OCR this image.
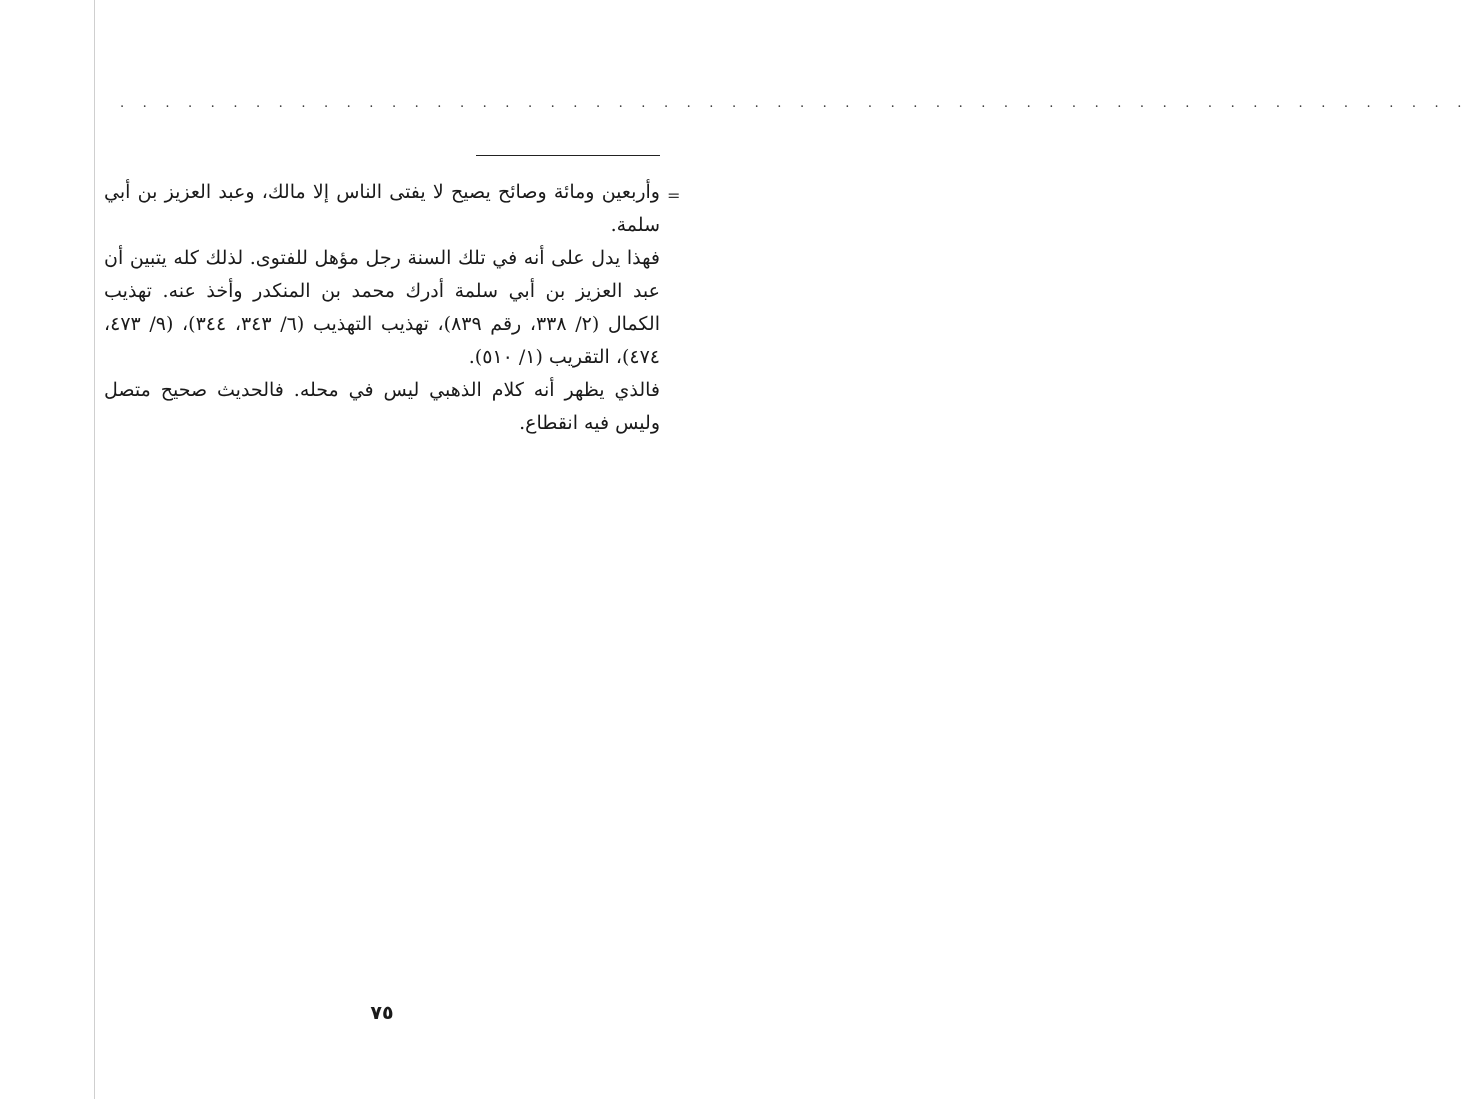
. . . . . . . . . . . . . . . . . . . . . . . . . . . . . . . . . . . . . . . . . . . . . . . . . . . . . . . . . . . .
=

وأربعين ومائة وصائح يصيح لا يفتى الناس إلا مالك، وعبد العزيز بن أبي سلمة.

فهذا يدل على أنه في تلك السنة رجل مؤهل للفتوى. لذلك كله يتبين أن عبد العزيز بن أبي سلمة أدرك محمد بن المنكدر وأخذ عنه. تهذيب الكمال (٢/ ٣٣٨، رقم ٨٣٩)، تهذيب التهذيب (٦/ ٣٤٣، ٣٤٤)، (٩/ ٤٧٣، ٤٧٤)، التقريب (١/ ٥١٠).

فالذي يظهر أنه كلام الذهبي ليس في محله. فالحديث صحيح متصل وليس فيه انقطاع.

٧٥
